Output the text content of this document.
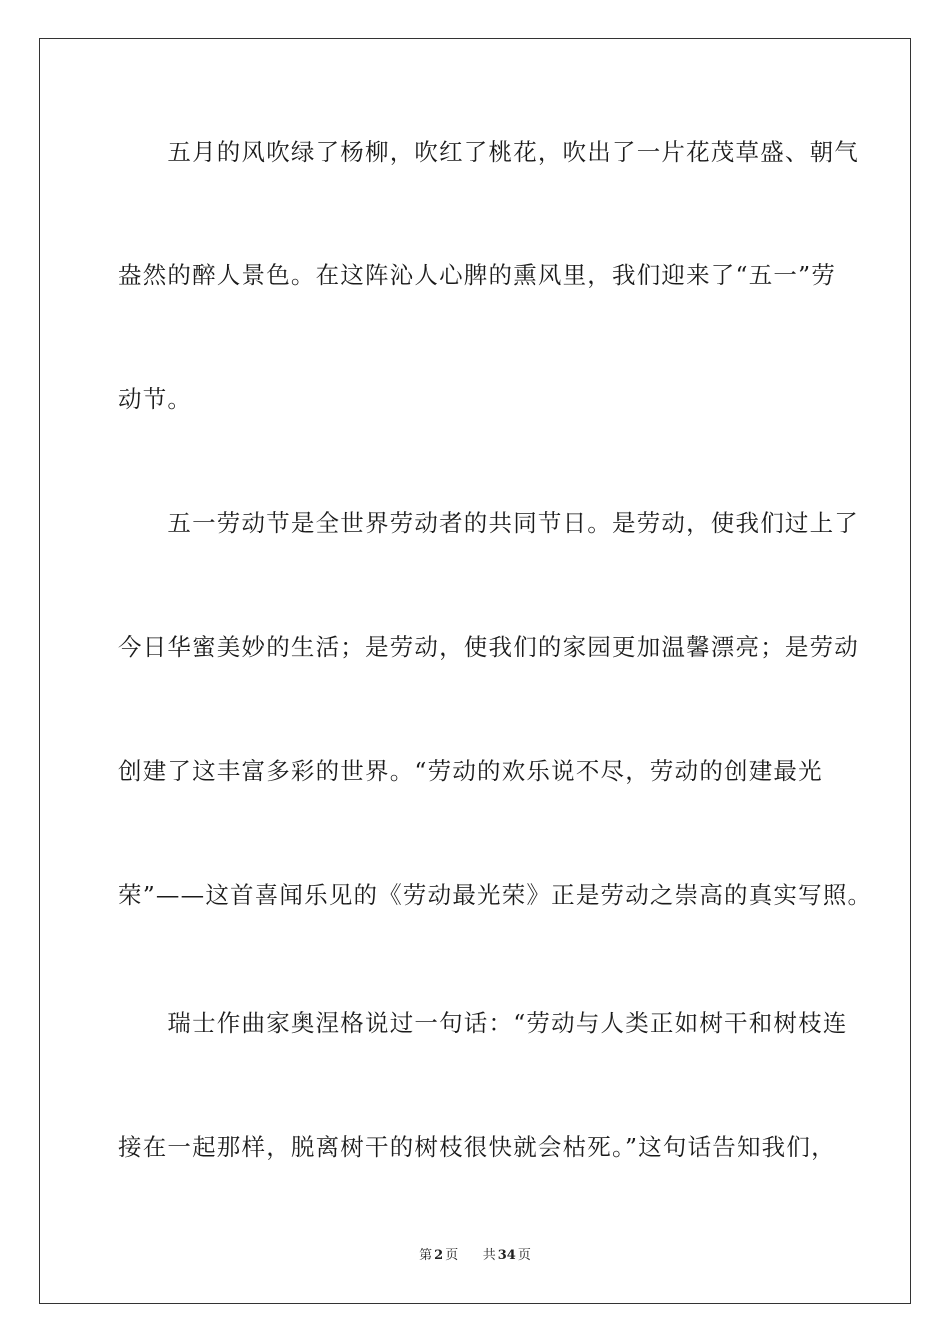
　　五月的风吹绿了杨柳，吹红了桃花，吹出了一片花茂草盛、朝气
盎然的醉人景色。在这阵沁人心脾的熏风里，我们迎来了“五一”劳
动节。
　　五一劳动节是全世界劳动者的共同节日。是劳动，使我们过上了
今日华蜜美妙的生活；是劳动，使我们的家园更加温馨漂亮；是劳动
创建了这丰富多彩的世界。“劳动的欢乐说不尽，劳动的创建最光
荣”——这首喜闻乐见的《劳动最光荣》正是劳动之崇高的真实写照。
　　瑞士作曲家奥涅格说过一句话：“劳动与人类正如树干和树枝连
接在一起那样，脱离树干的树枝很快就会枯死。”这句话告知我们，
第 2 页 共 34 页
